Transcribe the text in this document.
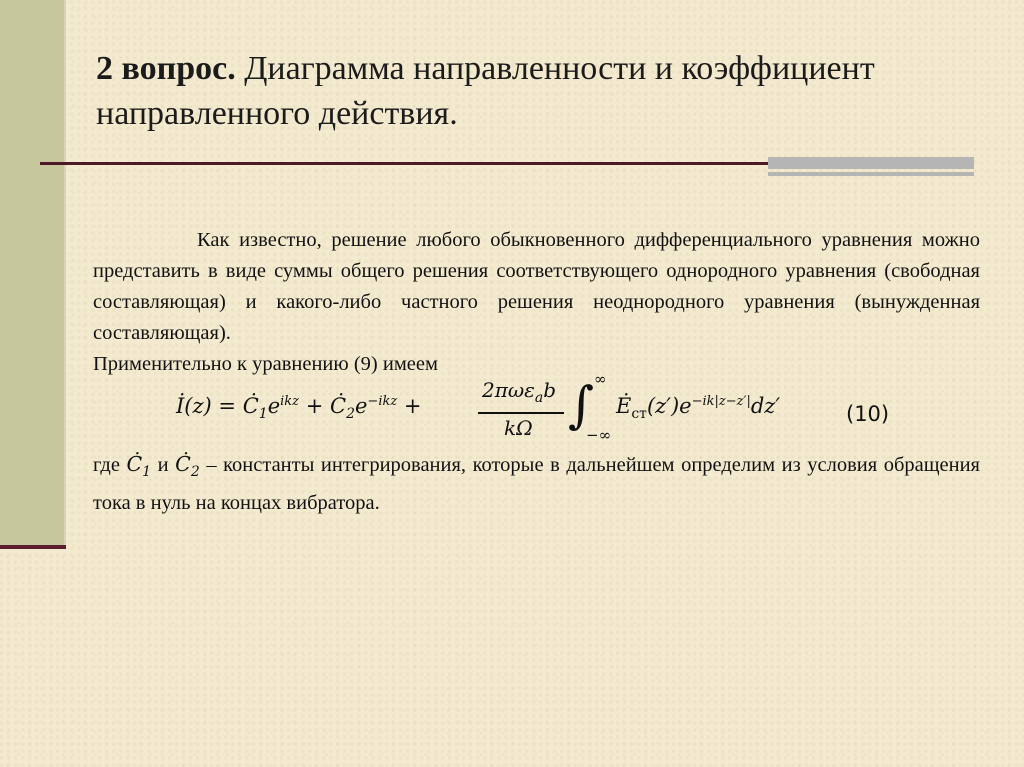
2 вопрос. Диаграмма направленности и коэффициент направленного действия.
Как известно, решение любого обыкновенного дифференциального уравнения можно представить в виде суммы общего решения соответствующего однородного уравнения (свободная составляющая) и какого-либо частного решения неоднородного уравнения (вынужденная составляющая).
Применительно к уравнению (9) имеем
İ(z) = $Ċ_1e^{ikz}$ + $Ċ_2e^{-ikz}$ +
2πωε$_a$b
kΩ ∫ ∞
−∞
$Ė_{ст}(z')e^{-ik|z-z'|}dz'$	(10)
где $Ċ_1$ и $Ċ_2$ – константы интегрирования, которые в дальнейшем определим из условия обращения тока в нуль на концах вибратора.
